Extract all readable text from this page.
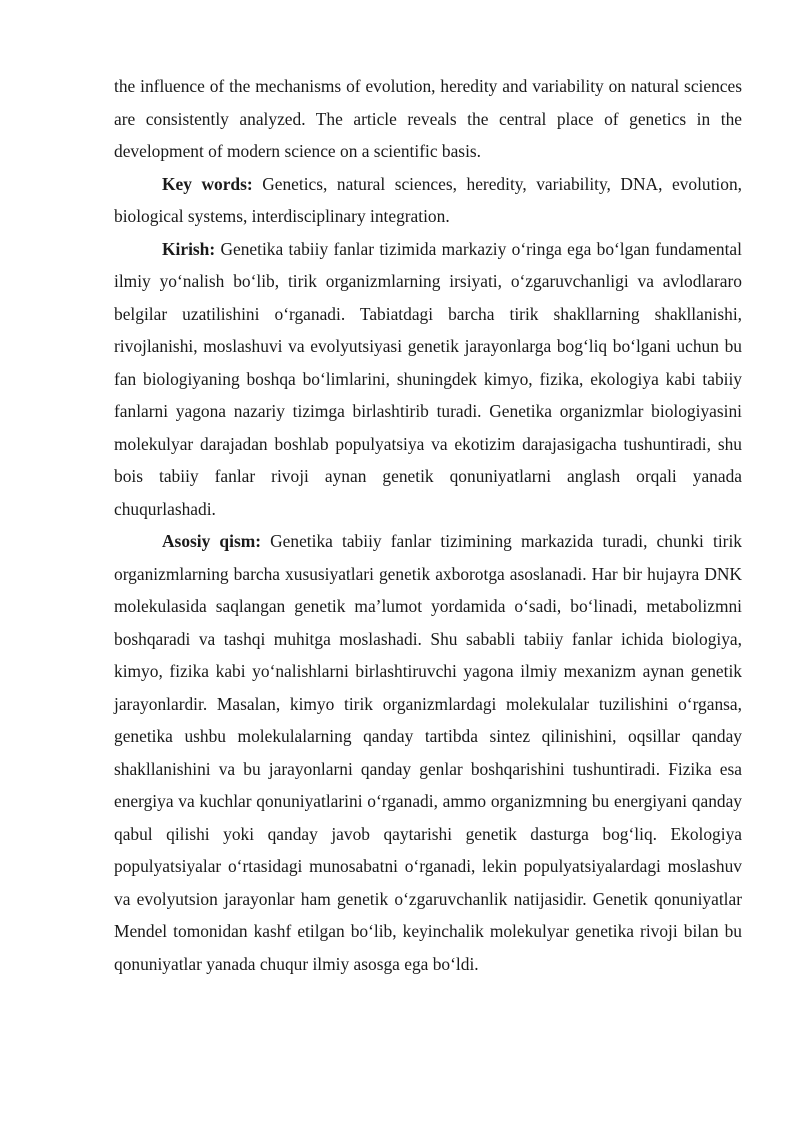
the influence of the mechanisms of evolution, heredity and variability on natural sciences are consistently analyzed. The article reveals the central place of genetics in the development of modern science on a scientific basis.

Key words: Genetics, natural sciences, heredity, variability, DNA, evolution, biological systems, interdisciplinary integration.

Kirish: Genetika tabiiy fanlar tizimida markaziy o‘ringa ega bo‘lgan fundamental ilmiy yo‘nalish bo‘lib, tirik organizmlarning irsiyati, o‘zgaruvchanligi va avlodlararo belgilar uzatilishini o‘rganadi. Tabiatdagi barcha tirik shakllarning shakllanishi, rivojlanishi, moslashuvi va evolyutsiyasi genetik jarayonlarga bog‘liq bo‘lgani uchun bu fan biologiyaning boshqa bo‘limlarini, shuningdek kimyo, fizika, ekologiya kabi tabiiy fanlarni yagona nazariy tizimga birlashtirib turadi. Genetika organizmlar biologiyasini molekulyar darajadan boshlab populyatsiya va ekotizim darajasigacha tushuntiradi, shu bois tabiiy fanlar rivoji aynan genetik qonuniyatlarni anglash orqali yanada chuqurlashadi.

Asosiy qism: Genetika tabiiy fanlar tizimining markazida turadi, chunki tirik organizmlarning barcha xususiyatlari genetik axborotga asoslanadi. Har bir hujayra DNK molekulasida saqlangan genetik ma’lumot yordamida o‘sadi, bo‘linadi, metabolizmni boshqaradi va tashqi muhitga moslashadi. Shu sababli tabiiy fanlar ichida biologiya, kimyo, fizika kabi yo‘nalishlarni birlashtiruvchi yagona ilmiy mexanizm aynan genetik jarayonlardir. Masalan, kimyo tirik organizmlardagi molekulalar tuzilishini o‘rgansa, genetika ushbu molekulalarning qanday tartibda sintez qilinishini, oqsillar qanday shakllanishini va bu jarayonlarni qanday genlar boshqarishini tushuntiradi. Fizika esa energiya va kuchlar qonuniyatlarini o‘rganadi, ammo organizmning bu energiyani qanday qabul qilishi yoki qanday javob qaytarishi genetik dasturga bog‘liq. Ekologiya populyatsiyalar o‘rtasidagi munosabatni o‘rganadi, lekin populyatsiyalardagi moslashuv va evolyutsion jarayonlar ham genetik o‘zgaruvchanlik natijasidir. Genetik qonuniyatlar Mendel tomonidan kashf etilgan bo‘lib, keyinchalik molekulyar genetika rivoji bilan bu qonuniyatlar yanada chuqur ilmiy asosga ega bo‘ldi.
